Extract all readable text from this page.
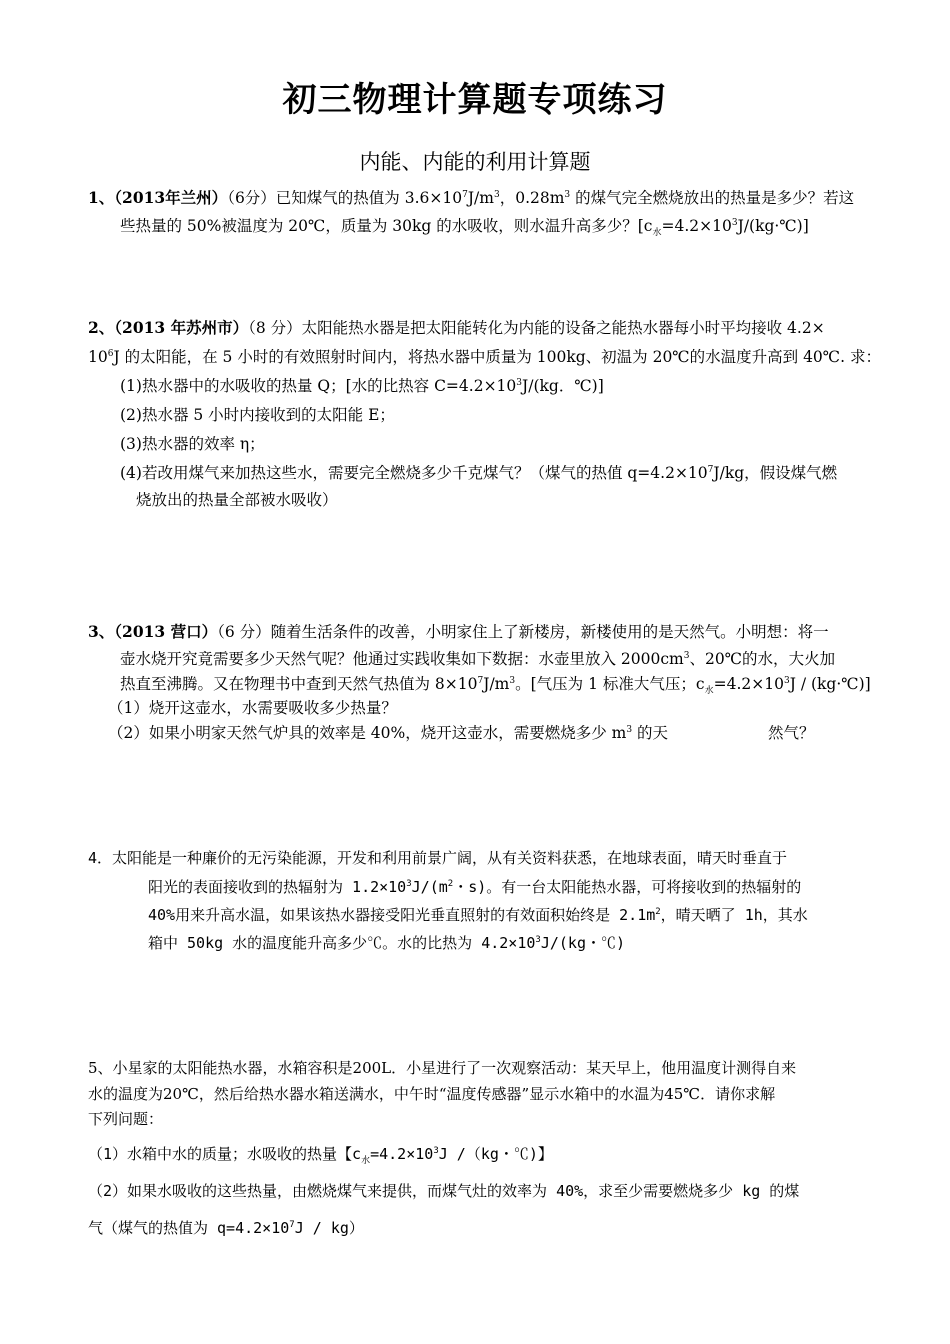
初三物理计算题专项练习
内能、内能的利用计算题
1、（2013年兰州）（6分）已知煤气的热值为 $3.6\times 10^7J/m^3$，$0.28m^3$ 的煤气完全燃烧放出的热量是多少？若这
些热量的 50%被温度为 20℃，质量为 30kg 的水吸收，则水温升高多少？$[c_水=4.2\times 10^3J/(kg\cdot℃)]$
2、（2013 年苏州市）（8 分）太阳能热水器是把太阳能转化为内能的设备之能热水器每小时平均接收 4.2×
$10^6J$ 的太阳能，在 5 小时的有效照射时间内，将热水器中质量为 100kg、初温为 20℃的水温度升高到 40℃. 求：
(1)热水器中的水吸收的热量 Q；[水的比热容 $C=4.2\times 10^3J/(kg$．℃)]
(2)热水器 5 小时内接收到的太阳能 E；
(3)热水器的效率 η；
(4)若改用煤气来加热这些水，需要完全燃烧多少千克煤气？（煤气的热值 $q=4.2\times 10^7J/kg$，假设煤气燃
烧放出的热量全部被水吸收）
3、（2013 营口）（6 分）随着生活条件的改善，小明家住上了新楼房，新楼使用的是天然气。小明想：将一
壶水烧开究竟需要多少天然气呢？他通过实践收集如下数据：水壶里放入 $2000cm^3$、20℃的水，大火加
热直至沸腾。又在物理书中查到天然气热值为 $8\times 10^7J/m^3$。[气压为 1 标准大气压；$c_水=4.2\times 10^3J$ / (kg·℃)]
（1）烧开这壶水，水需要吸收多少热量？
（2）如果小明家天然气炉具的效率是 40%，烧开这壶水，需要燃烧多少 $m^3$ 的天	然气？
4．太阳能是一种廉价的无污染能源，开发和利用前景广阔，从有关资料获悉，在地球表面，晴天时垂直于
阳光的表面接收到的热辐射为 $1.2\times 10^3J/(m^2$・s)。有一台太阳能热水器，可将接收到的热辐射的
40%用来升高水温，如果该热水器接受阳光垂直照射的有效面积始终是 $2.1m^2$，晴天晒了 1h，其水
箱中 50kg 水的温度能升高多少℃。水的比热为 $4.2\times 10^3J/(kg$・℃)
5、小星家的太阳能热水器，水箱容积是200L．小星进行了一次观察活动：某天早上，他用温度计测得自来
水的温度为20℃，然后给热水器水箱送满水，中午时“温度传感器”显示水箱中的水温为45℃．请你求解
下列问题：
（1）水箱中水的质量；水吸收的热量【$c_水=4.2\times 10^3J$ /（kg・℃)】
（2）如果水吸收的这些热量，由燃烧煤气来提供，而煤气灶的效率为 40%，求至少需要燃烧多少 kg 的煤
气（煤气的热值为 $q=4.2\times 10^7J / kg$）
